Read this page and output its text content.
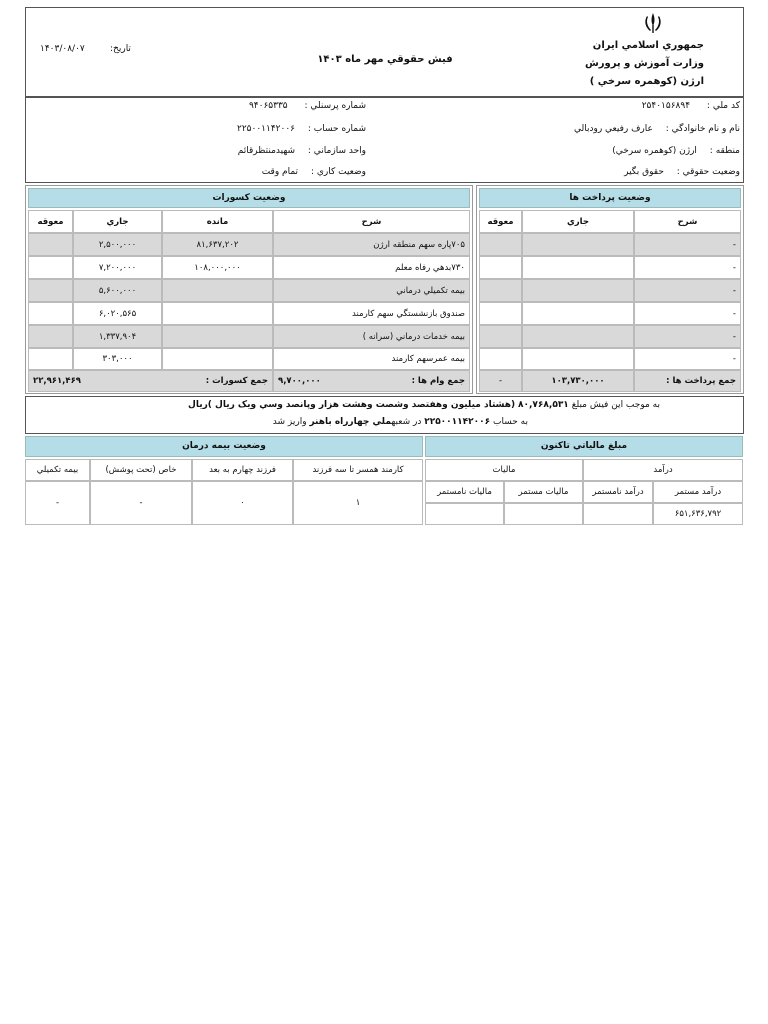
جمهوري اسلامي ايران
وزارت آموزش و پرورش
ارژن (کوهمره سرخي )
فيش حقوقي مهر ماه ۱۴۰۳
تاريخ:
۱۴۰۳/۰۸/۰۷
کد ملي : ۲۵۴۰۱۵۶۸۹۴
نام و نام خانوادگي : عارف رفيعي رودبالي
منطقه : ارژن (کوهمره سرخي)
وضعيت حقوقي : حقوق بگير
شماره پرسنلي : ۹۴۰۶۵۳۳۵
شماره حساب : ۲۲۵۰۰۱۱۴۲۰۰۶
واحد سازماني : شهيدمنتظرقائم
وضعيت کاري : تمام وقت
وضعيت پرداخت ها
شرح
جاري
معوقه
-
-
-
-
-
-
جمع پرداخت ها :
۱۰۳,۷۳۰,۰۰۰
-
وضعيت کسورات
شرح
مانده
جاري
معوقه
۷۰۵پاره سهم منطقه ارژن
۸۱,۶۳۷,۲۰۲
۲,۵۰۰,۰۰۰
۷۳۰بدهي رفاه معلم
۱۰۸,۰۰۰,۰۰۰
۷,۲۰۰,۰۰۰
بيمه تکميلي درماني
۵,۶۰۰,۰۰۰
صندوق بازنشستگي سهم کارمند
۶,۰۲۰,۵۶۵
بيمه خدمات درماني (سرانه )
۱,۳۳۷,۹۰۴
بيمه عمرسهم کارمند
۳۰۳,۰۰۰
جمع وام ها :
۹,۷۰۰,۰۰۰
جمع کسورات :
۲۲,۹۶۱,۴۶۹
به موجب اين فيش مبلغ ۸۰,۷۶۸,۵۳۱ (هشتاد ميليون وهفتصد وشصت وهشت هزار وپانصد وسي ويک ريال )ريال
به حساب ۲۲۵۰۰۱۱۴۲۰۰۶ در شعبهملي چهارراه باهنر واريز شد
مبلغ مالياتي تاکنون
درآمد
ماليات
درآمد مستمر
درآمد نامستمر
ماليات مستمر
ماليات نامستمر
۶۵۱,۶۳۶,۷۹۲
وضعيت بيمه درمان
کارمند همسر تا سه فرزند
فرزند چهارم به بعد
خاص (تحت پوشش)
بيمه تکميلي
۱
۰
-
-
